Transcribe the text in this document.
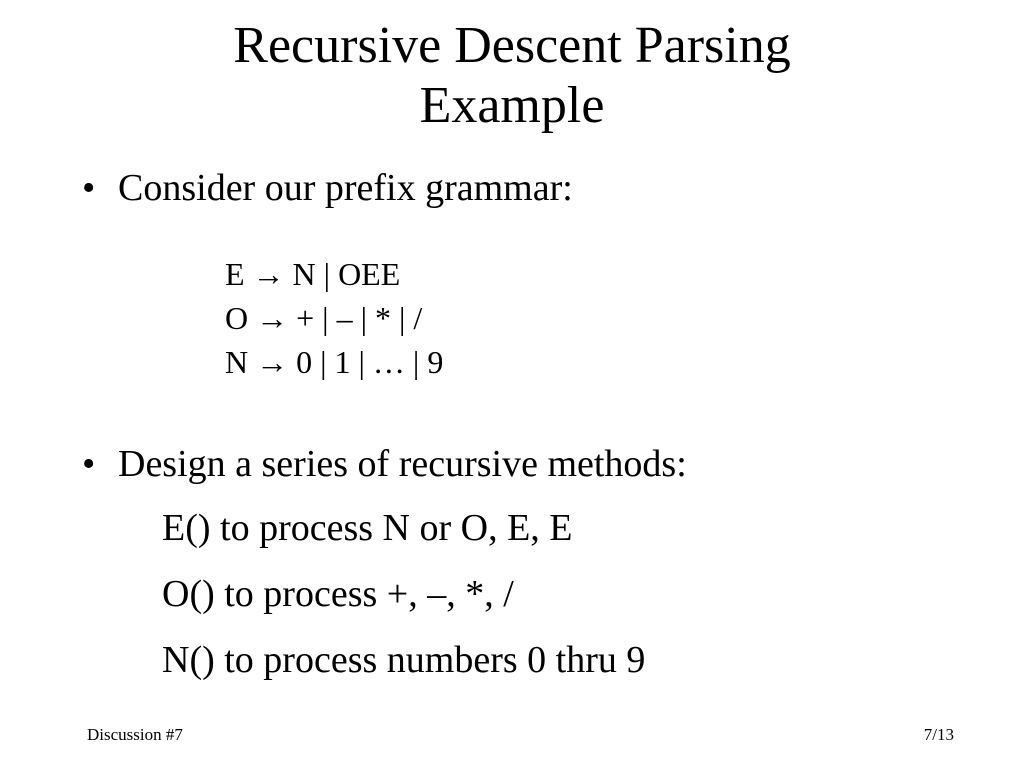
Recursive Descent Parsing
Example
• Consider our prefix grammar:
E → N | OEE
O → + | – | * | /
N → 0 | 1 | … | 9
• Design a series of recursive methods:
E() to process N or O, E, E
O() to process +, –, *, /
N() to process numbers 0 thru 9
Discussion #7	7/13
